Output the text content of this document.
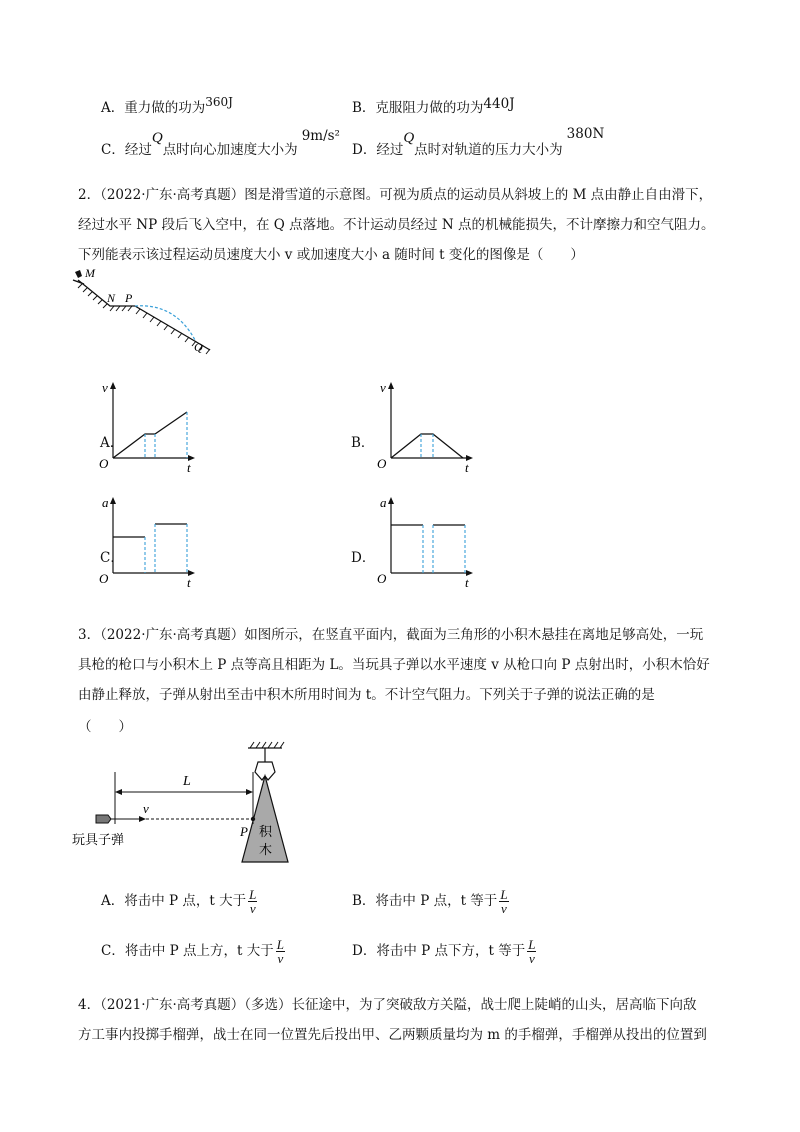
A．重力做的功为360J	B．克服阻力做的功为440J
C．经过Q点时向心加速度大小为9m/s²
D．经过Q点时对轨道的压力大小为380N
2．（2022·广东·高考真题）图是滑雪道的示意图。可视为质点的运动员从斜坡上的 M 点由静止自由滑下，
经过水平 NP 段后飞入空中，在 Q 点落地。不计运动员经过 N 点的机械能损失，不计摩擦力和空气阻力。
下列能表示该过程运动员速度大小 v 或加速度大小 a 随时间 t 变化的图像是（　　）
M
N P
Q
A．
v
t
O
B．
v
t
O
C．
a
t
O
D．
a
t
O
3．（2022·广东·高考真题）如图所示，在竖直平面内，截面为三角形的小积木悬挂在离地足够高处，一玩
具枪的枪口与小积木上 P 点等高且相距为 L。当玩具子弹以水平速度 v 从枪口向 P 点射出时，小积木恰好
由静止释放，子弹从射出至击中积木所用时间为 t。不计空气阻力。下列关于子弹的说法正确的是
（　　）
L
v
P 积
木
玩具子弹
A．将击中 P 点，t 大于 $\frac{L}{v}$	B．将击中 P 点，t 等于 $\frac{L}{v}$
C．将击中 P 点上方，t 大于 $\frac{L}{v}$	D．将击中 P 点下方，t 等于 $\frac{L}{v}$
4．（2021·广东·高考真题）（多选）长征途中，为了突破敌方关隘，战士爬上陡峭的山头，居高临下向敌
方工事内投掷手榴弹，战士在同一位置先后投出甲、乙两颗质量均为 m 的手榴弹，手榴弹从投出的位置到
